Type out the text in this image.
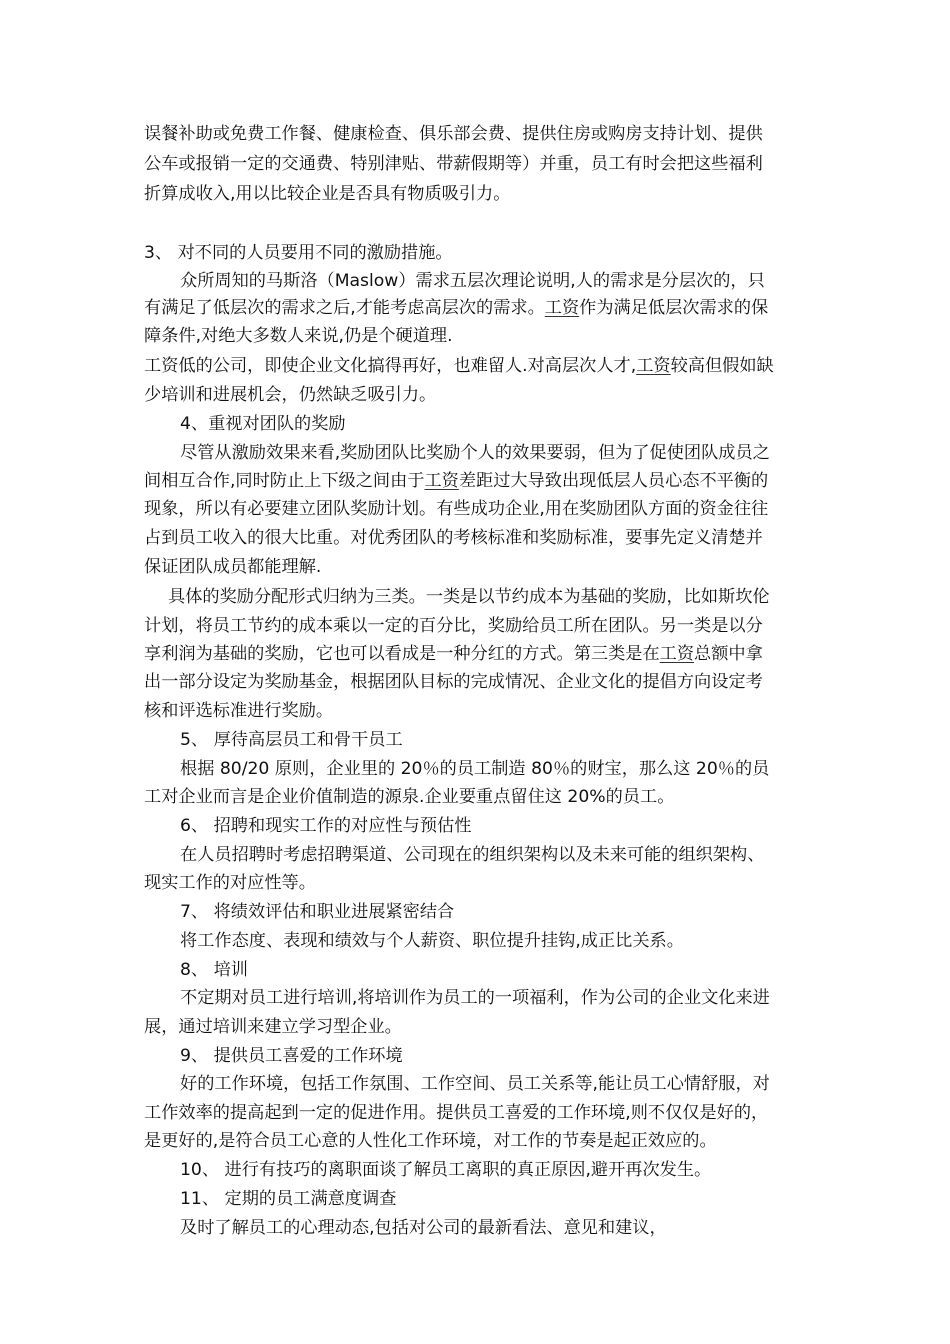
误餐补助或免费工作餐、健康检查、俱乐部会费、提供住房或购房支持计划、提供
公车或报销一定的交通费、特别津贴、带薪假期等）并重，员工有时会把这些福利
折算成收入,用以比较企业是否具有物质吸引力。
3、 对不同的人员要用不同的激励措施。
众所周知的马斯洛（Maslow）需求五层次理论说明,人的需求是分层次的，只
有满足了低层次的需求之后,才能考虑高层次的需求。工资作为满足低层次需求的保
障条件,对绝大多数人来说,仍是个硬道理.
工资低的公司，即使企业文化搞得再好，也难留人.对高层次人才,工资较高但假如缺
少培训和进展机会，仍然缺乏吸引力。
4、重视对团队的奖励
尽管从激励效果来看,奖励团队比奖励个人的效果要弱，但为了促使团队成员之
间相互合作,同时防止上下级之间由于工资差距过大导致出现低层人员心态不平衡的
现象，所以有必要建立团队奖励计划。有些成功企业,用在奖励团队方面的资金往往
占到员工收入的很大比重。对优秀团队的考核标准和奖励标准，要事先定义清楚并
保证团队成员都能理解.
具体的奖励分配形式归纳为三类。一类是以节约成本为基础的奖励，比如斯坎伦
计划，将员工节约的成本乘以一定的百分比，奖励给员工所在团队。另一类是以分
享利润为基础的奖励，它也可以看成是一种分红的方式。第三类是在工资总额中拿
出一部分设定为奖励基金，根据团队目标的完成情况、企业文化的提倡方向设定考
核和评选标准进行奖励。
5、 厚待高层员工和骨干员工
根据 80/20 原则，企业里的 20％的员工制造 80％的财宝，那么这 20％的员
工对企业而言是企业价值制造的源泉.企业要重点留住这 20%的员工。
6、 招聘和现实工作的对应性与预估性
在人员招聘时考虑招聘渠道、公司现在的组织架构以及未来可能的组织架构、
现实工作的对应性等。
7、 将绩效评估和职业进展紧密结合
将工作态度、表现和绩效与个人薪资、职位提升挂钩,成正比关系。
8、 培训
不定期对员工进行培训,将培训作为员工的一项福利，作为公司的企业文化来进
展，通过培训来建立学习型企业。
9、 提供员工喜爱的工作环境
好的工作环境，包括工作氛围、工作空间、员工关系等,能让员工心情舒服，对
工作效率的提高起到一定的促进作用。提供员工喜爱的工作环境,则不仅仅是好的，
是更好的,是符合员工心意的人性化工作环境，对工作的节奏是起正效应的。
10、 进行有技巧的离职面谈了解员工离职的真正原因,避开再次发生。
11、 定期的员工满意度调查
及时了解员工的心理动态,包括对公司的最新看法、意见和建议，
